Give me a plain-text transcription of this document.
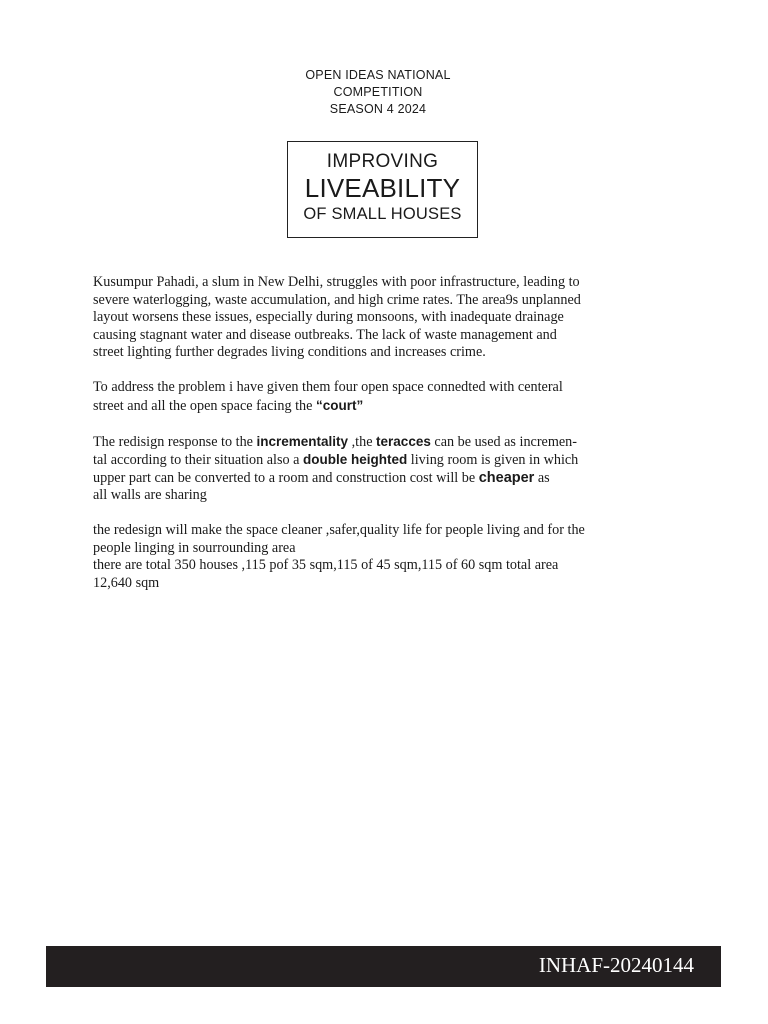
OPEN IDEAS NATIONAL
COMPETITION
SEASON 4 2024
IMPROVING
LIVEABILITY
OF SMALL HOUSES
Kusumpur Pahadi, a slum in New Delhi, struggles with poor infrastructure, leading to
severe waterlogging, waste accumulation, and high crime rates. The area9s unplanned
layout worsens these issues, especially during monsoons, with inadequate drainage
causing stagnant water and disease outbreaks. The lack of waste management and
street lighting further degrades living conditions and increases crime.
To address the problem i have given them four open space connedted with centeral
street and all the open space facing the “court”
The redisign response to the incrementality ,the teracces can be used as incremen-
tal according to their situation also a double heighted living room is given in which
upper part can be converted to a room and construction cost will be cheaper as
all walls are sharing
the redesign will make the space cleaner ,safer,quality life for people living and for the
people linging in sourrounding area
there are total 350 houses ,115 pof 35 sqm,115 of 45 sqm,115 of 60 sqm total area
12,640 sqm
INHAF-20240144
